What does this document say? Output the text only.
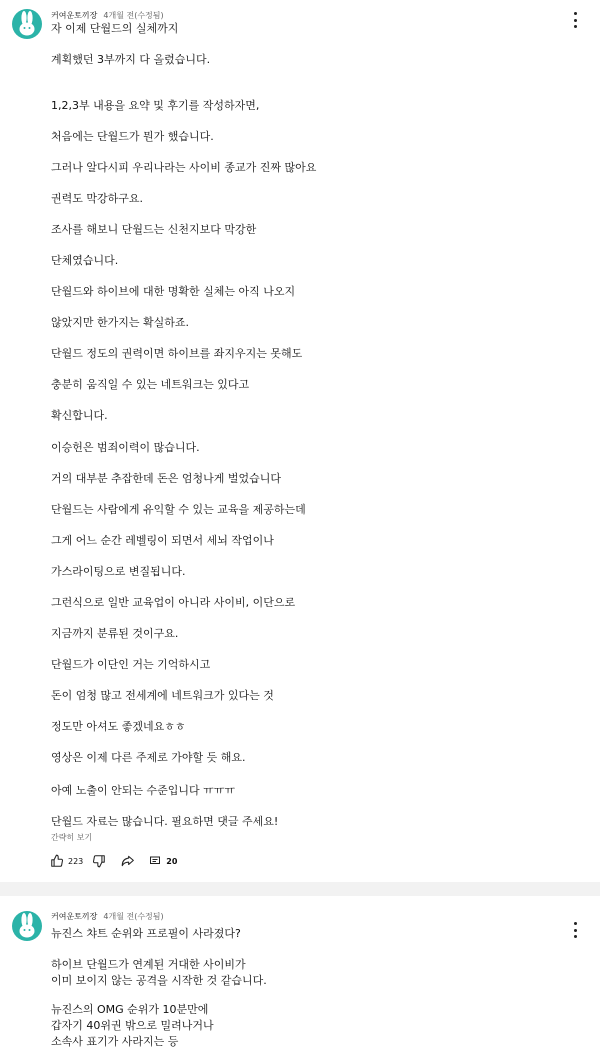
커여운토끼장 4개월 전(수정됨)
자 이제 단월드의 실체까지
계획했던 3부까지 다 올렸습니다.
1,2,3부 내용을 요약 및 후기를 작성하자면,
처음에는 단월드가 뭔가 했습니다.
그러나 알다시피 우리나라는 사이비 종교가 진짜 많아요
권력도 막강하구요.
조사를 해보니 단월드는 신천지보다 막강한
단체였습니다.
단월드와 하이브에 대한 명확한 실체는 아직 나오지
않았지만 한가지는 확실하죠.
단월드 정도의 권력이면 하이브를 좌지우지는 못해도
충분히 움직일 수 있는 네트워크는 있다고
확신합니다.
이승헌은 범죄이력이 많습니다.
거의 대부분 추잡한데 돈은 엄청나게 벌었습니다
단월드는 사람에게 유익할 수 있는 교육을 제공하는데
그게 어느 순간 레벨링이 되면서 세뇌 작업이나
가스라이팅으로 변질됩니다.
그런식으로 일반 교육업이 아니라 사이비, 이단으로
지금까지 분류된 것이구요.
단월드가 이단인 거는 기억하시고
돈이 엄청 많고 전세계에 네트워크가 있다는 것
정도만 아셔도 좋겠네요ㅎㅎ
영상은 이제 다른 주제로 가야할 듯 해요.
아예 노출이 안되는 수준입니다 ㅠㅠㅠ
단월드 자료는 많습니다. 필요하면 댓글 주세요!
간략히 보기
223	20
커여운토끼장 4개월 전(수정됨)
뉴진스 챠트 순위와 프로필이 사라졌다?
하이브 단월드가 연계된 거대한 사이비가
이미 보이지 않는 공격을 시작한 것 같습니다.
뉴진스의 OMG 순위가 10분만에
갑자기 40위권 밖으로 밀려나거나
소속사 표기가 사라지는 등
